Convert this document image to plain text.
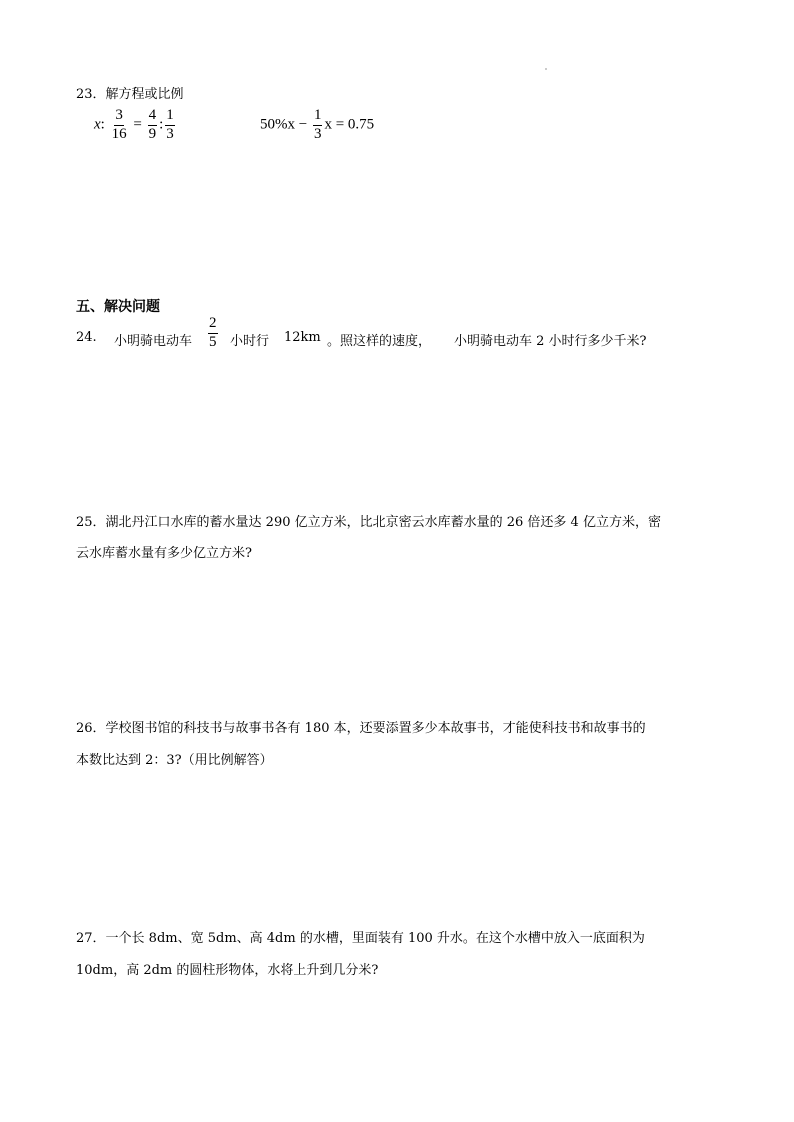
23．解方程或比例
x: $\frac{3}{16} = \frac{4}{9}$ : $\frac{1}{3}$	$50\%x - \frac{1}{3}$ x = 0.75
五、解决问题
24. 小明骑电动车 $\frac{2}{5}$ 小时行 12km 。照这样的速度， 小明骑电动车 2 小时行多少千米?
25．湖北丹江口水库的蓄水量达 290 亿立方米，比北京密云水库蓄水量的 26 倍还多 4 亿立方米，密
云水库蓄水量有多少亿立方米?
26．学校图书馆的科技书与故事书各有 180 本，还要添置多少本故事书，才能使科技书和故事书的
本数比达到 2：3?（用比例解答）
27．一个长 8dm、宽 5dm、高 4dm 的水槽，里面装有 100 升水。在这个水槽中放入一底面积为
10dm，高 2dm 的圆柱形物体，水将上升到几分米?
